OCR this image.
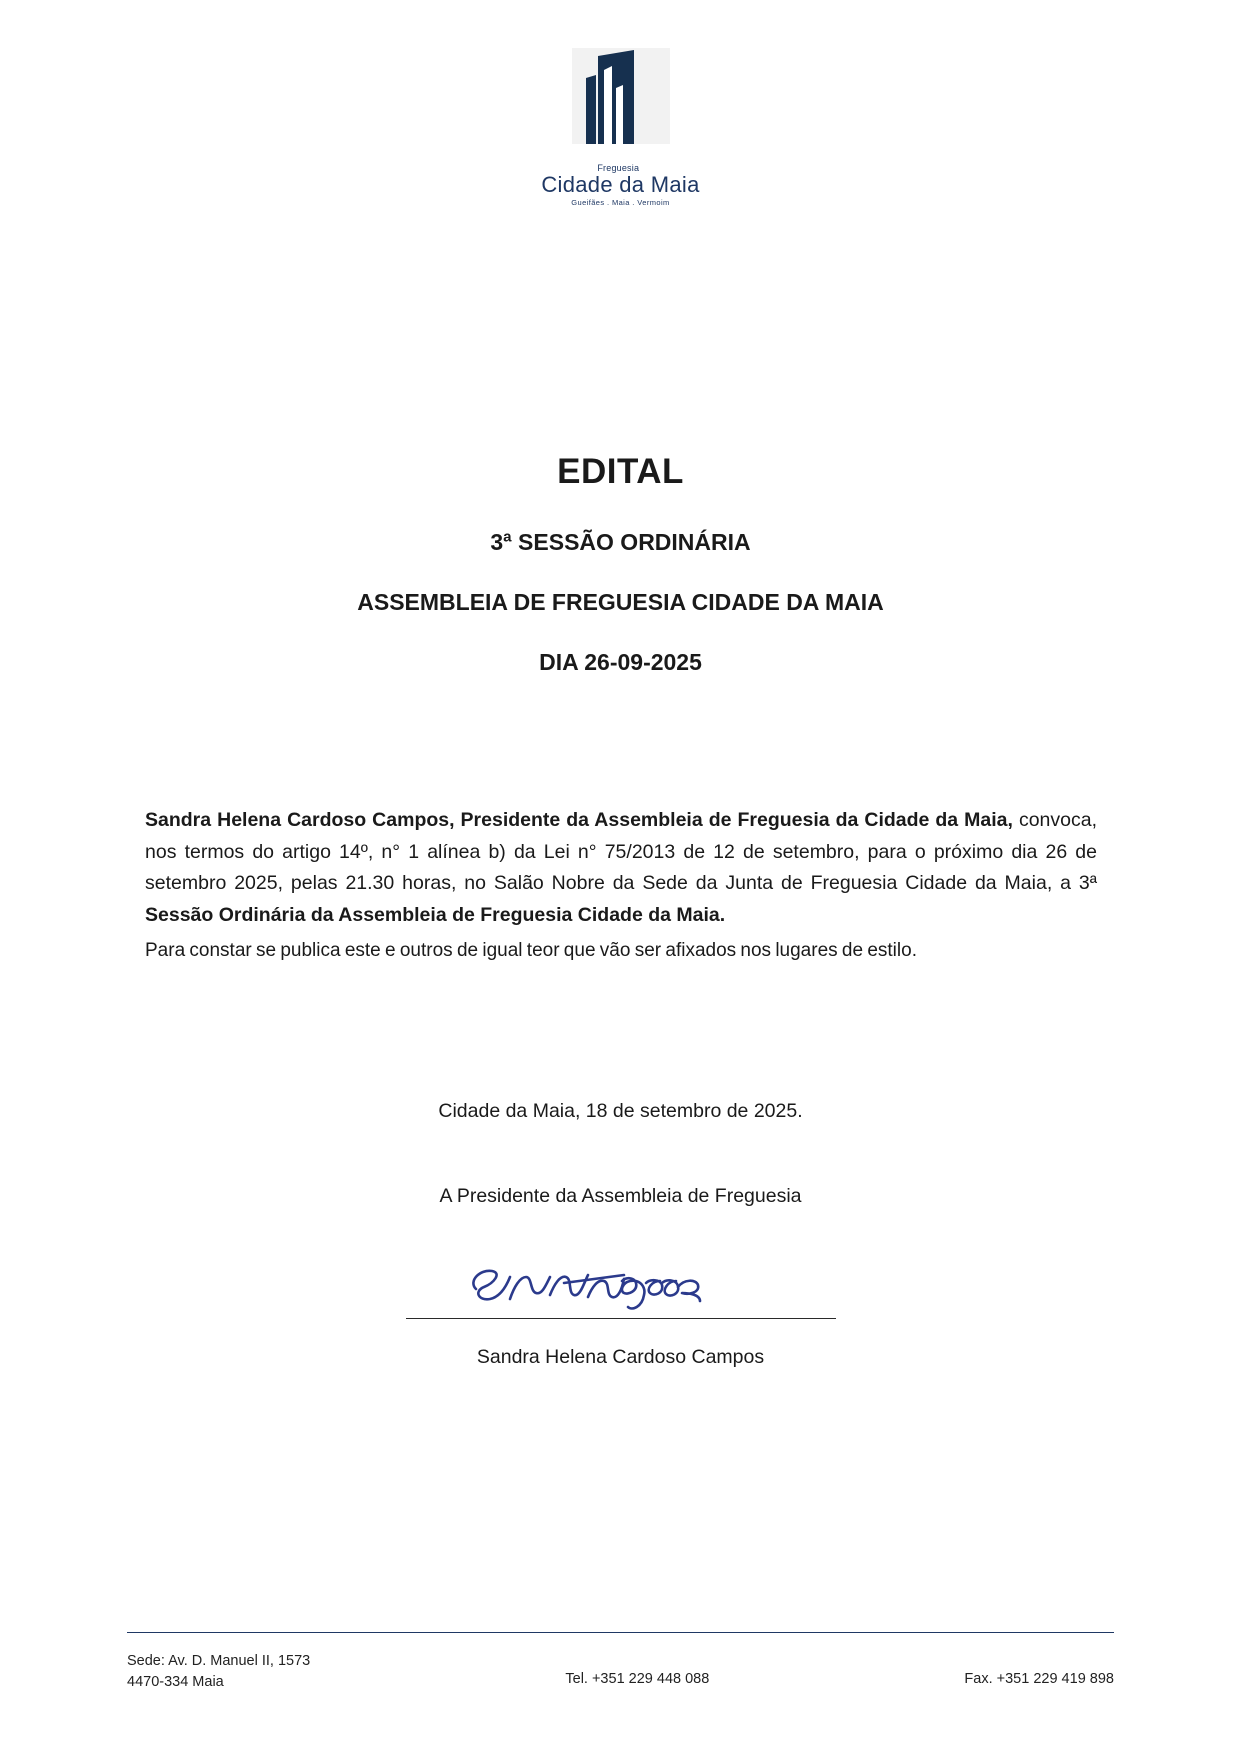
Freguesia
Cidade da Maia
Gueifães . Maia . Vermoim
EDITAL

3ª SESSÃO ORDINÁRIA

ASSEMBLEIA DE FREGUESIA CIDADE DA MAIA

DIA 26-09-2025

Sandra Helena Cardoso Campos, Presidente da Assembleia de Freguesia da Cidade da Maia, convoca, nos termos do artigo 14º, n° 1 alínea b) da Lei n° 75/2013 de 12 de setembro, para o próximo dia 26 de setembro 2025, pelas 21.30 horas, no Salão Nobre da Sede da Junta de Freguesia Cidade da Maia, a 3ª Sessão Ordinária da Assembleia de Freguesia Cidade da Maia.

Para constar se publica este e outros de igual teor que vão ser afixados nos lugares de estilo.

Cidade da Maia, 18 de setembro de 2025.

A Presidente da Assembleia de Freguesia

Sandra Helena Cardoso Campos

Sede: Av. D. Manuel II, 1573
4470-334 Maia	Tel. +351 229 448 088	Fax. +351 229 419 898
